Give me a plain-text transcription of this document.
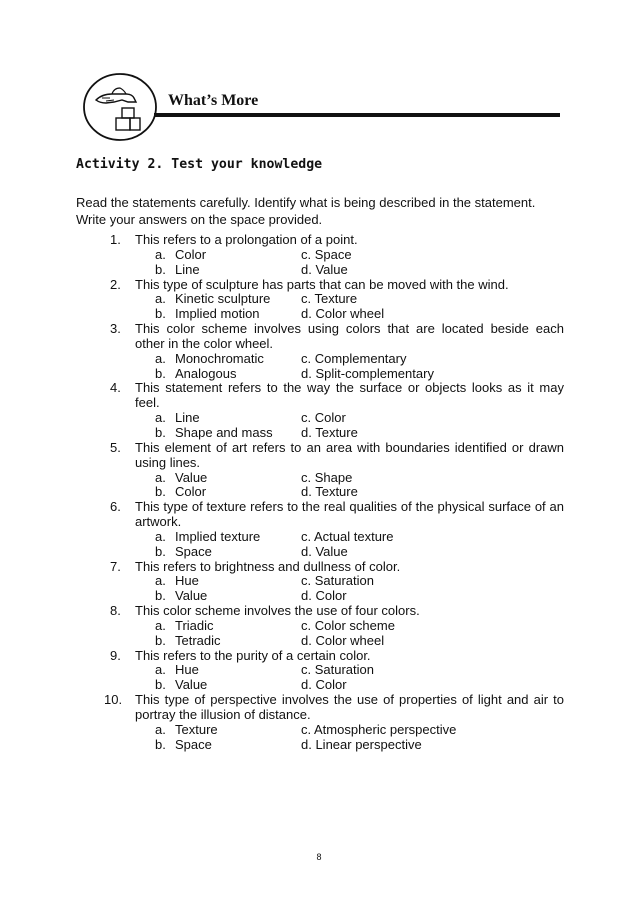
What’s More
Activity 2. Test your knowledge
Read the statements carefully. Identify what is being described in the statement.
Write your answers on the space provided.
1.	This refers to a prolongation of a point.
a. Color	c. Space
b. Line	d. Value
2.	This type of sculpture has parts that can be moved with the wind.
a. Kinetic sculpture c. Texture
b. Implied motion	d. Color wheel
3.	This color scheme involves using colors that are located beside each other in the color wheel.
a. Monochromatic	c. Complementary
b. Analogous	d. Split-complementary
4.	This statement refers to the way the surface or objects looks as it may feel.
a. Line	c. Color
b. Shape and mass d. Texture
5.	This element of art refers to an area with boundaries identified or drawn using lines.
a. Value	c. Shape
b. Color	d. Texture
6.	This type of texture refers to the real qualities of the physical surface of an artwork.
a. Implied texture	c. Actual texture
b. Space	d. Value
7.	This refers to brightness and dullness of color.
a. Hue	c. Saturation
b. Value	d. Color
8.	This color scheme involves the use of four colors.
a. Triadic	c. Color scheme
b. Tetradic	d. Color wheel
9.	This refers to the purity of a certain color.
a. Hue	c. Saturation
b. Value	d. Color
10. This type of perspective involves the use of properties of light and air to portray the illusion of distance.
a. Texture	c. Atmospheric perspective
b. Space	d. Linear perspective
8
